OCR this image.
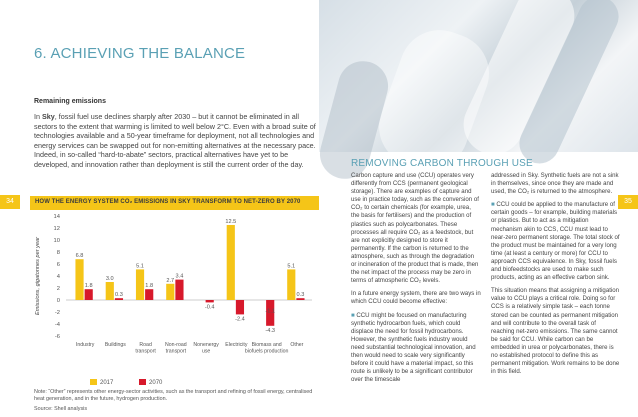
6. ACHIEVING THE BALANCE
Remaining emissions
In Sky, fossil fuel use declines sharply after 2030 – but it cannot be eliminated in all sectors to the extent that warming is limited to well below 2°C. Even with a broad suite of technologies available and a 50-year timeframe for deployment, not all technologies and energy services can be swapped out for non-emitting alternatives at the necessary pace. Indeed, in so-called “hard-to-abate” sectors, practical alternatives have yet to be developed, and innovation rather than deployment is still the current order of the day.
34	HOW THE ENERGY SYSTEM CO₂ EMISSIONS IN SKY TRANSFORM TO NET-ZERO BY 2070
Emissions, gigatonnes per year
-6
-4
-2
0
2
4
6
8
10
12
14
6.8
1.8
Industry
3.0
0.3
Buildings
5.1
1.8
Road
transport
2.7
3.4
Non-road
transport
-0.4
Nonenergy
use
12.5
-2.4
Electricity
-4.3
Biomass and
biofuels production
5.1
0.3
Other
-1.1
2017	2070
Note: “Other” represents other energy-sector activities, such as the transport and refining of fossil energy, centralised heat generation, and in the future, hydrogen production.
Source: Shell analysis
REMOVING CARBON THROUGH USE

Carbon capture and use (CCU) operates very differently from CCS (permanent geological storage). There are examples of capture and use in practice today, such as the conversion of CO₂ to certain chemicals (for example, urea, the basis for fertilisers) and the production of plastics such as polycarbonates. These processes all require CO₂ as a feedstock, but are not explicitly designed to store it permanently. If the carbon is returned to the atmosphere, such as through the degradation or incineration of the product that is made, then the net impact of the process may be zero in terms of atmospheric CO₂ levels.

In a future energy system, there are two ways in which CCU could become effective:

■ CCU might be focused on manufacturing synthetic hydrocarbon fuels, which could displace the need for fossil hydrocarbons. However, the synthetic fuels industry would need substantial technological innovation, and then would need to scale very significantly before it could have a material impact, so this route is unlikely to be a significant contributor over the timescale

addressed in Sky. Synthetic fuels are not a sink in themselves, since once they are made and used, the CO₂ is returned to the atmosphere.

■ CCU could be applied to the manufacture of certain goods – for example, building materials or plastics. But to act as a mitigation mechanism akin to CCS, CCU must lead to near-zero permanent storage. The total stock of the product must be maintained for a very long time (at least a century or more) for CCU to approach CCS equivalence. In Sky, fossil fuels and biofeedstocks are used to make such products, acting as an effective carbon sink.

This situation means that assigning a mitigation value to CCU plays a critical role. Doing so for CCS is a relatively simple task – each tonne stored can be counted as permanent mitigation and will contribute to the overall task of reaching net-zero emissions. The same cannot be said for CCU. While carbon can be embedded in urea or polycarbonates, there is no established protocol to define this as permanent mitigation. Work remains to be done in this field.

35
